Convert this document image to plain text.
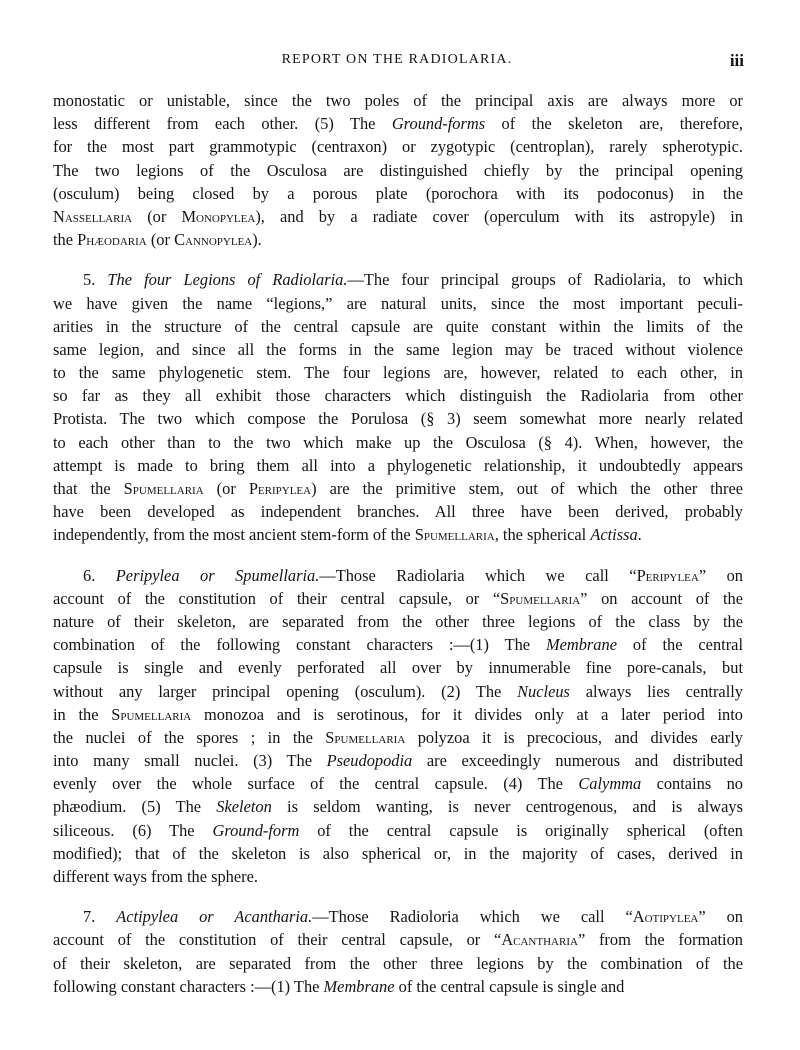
REPORT ON THE RADIOLARIA.	iii
monostatic or unistable, since the two poles of the principal axis are always more or
less different from each other. (5) The Ground-forms of the skeleton are, therefore,
for the most part grammotypic (centraxon) or zygotypic (centroplan), rarely spherotypic.
The two legions of the Osculosa are distinguished chiefly by the principal opening
(osculum) being closed by a porous plate (porochora with its podoconus) in the
Nassellaria (or Monopylea), and by a radiate cover (operculum with its astropyle) in
the Phæodaria (or Cannopylea).
5. The four Legions of Radiolaria.—The four principal groups of Radiolaria, to which
we have given the name “legions,” are natural units, since the most important peculi-
arities in the structure of the central capsule are quite constant within the limits of the
same legion, and since all the forms in the same legion may be traced without violence
to the same phylogenetic stem. The four legions are, however, related to each other, in
so far as they all exhibit those characters which distinguish the Radiolaria from other
Protista. The two which compose the Porulosa (§ 3) seem somewhat more nearly related
to each other than to the two which make up the Osculosa (§ 4). When, however, the
attempt is made to bring them all into a phylogenetic relationship, it undoubtedly appears
that the Spumellaria (or Peripylea) are the primitive stem, out of which the other three
have been developed as independent branches. All three have been derived, probably
independently, from the most ancient stem-form of the Spumellaria, the spherical Actissa.
6. Peripylea or Spumellaria.—Those Radiolaria which we call “Peripylea” on
account of the constitution of their central capsule, or “Spumellaria” on account of the
nature of their skeleton, are separated from the other three legions of the class by the
combination of the following constant characters :—(1) The Membrane of the central
capsule is single and evenly perforated all over by innumerable fine pore-canals, but
without any larger principal opening (osculum). (2) The Nucleus always lies centrally
in the Spumellaria monozoa and is serotinous, for it divides only at a later period into
the nuclei of the spores ; in the Spumellaria polyzoa it is precocious, and divides early
into many small nuclei. (3) The Pseudopodia are exceedingly numerous and distributed
evenly over the whole surface of the central capsule. (4) The Calymma contains no
phæodium. (5) The Skeleton is seldom wanting, is never centrogenous, and is always
siliceous. (6) The Ground-form of the central capsule is originally spherical (often
modified); that of the skeleton is also spherical or, in the majority of cases, derived in
different ways from the sphere.
7. Actipylea or Acantharia.—Those Radioloria which we call “Aotipylea” on
account of the constitution of their central capsule, or “Acantharia” from the formation
of their skeleton, are separated from the other three legions by the combination of the
following constant characters :—(1) The Membrane of the central capsule is single and
